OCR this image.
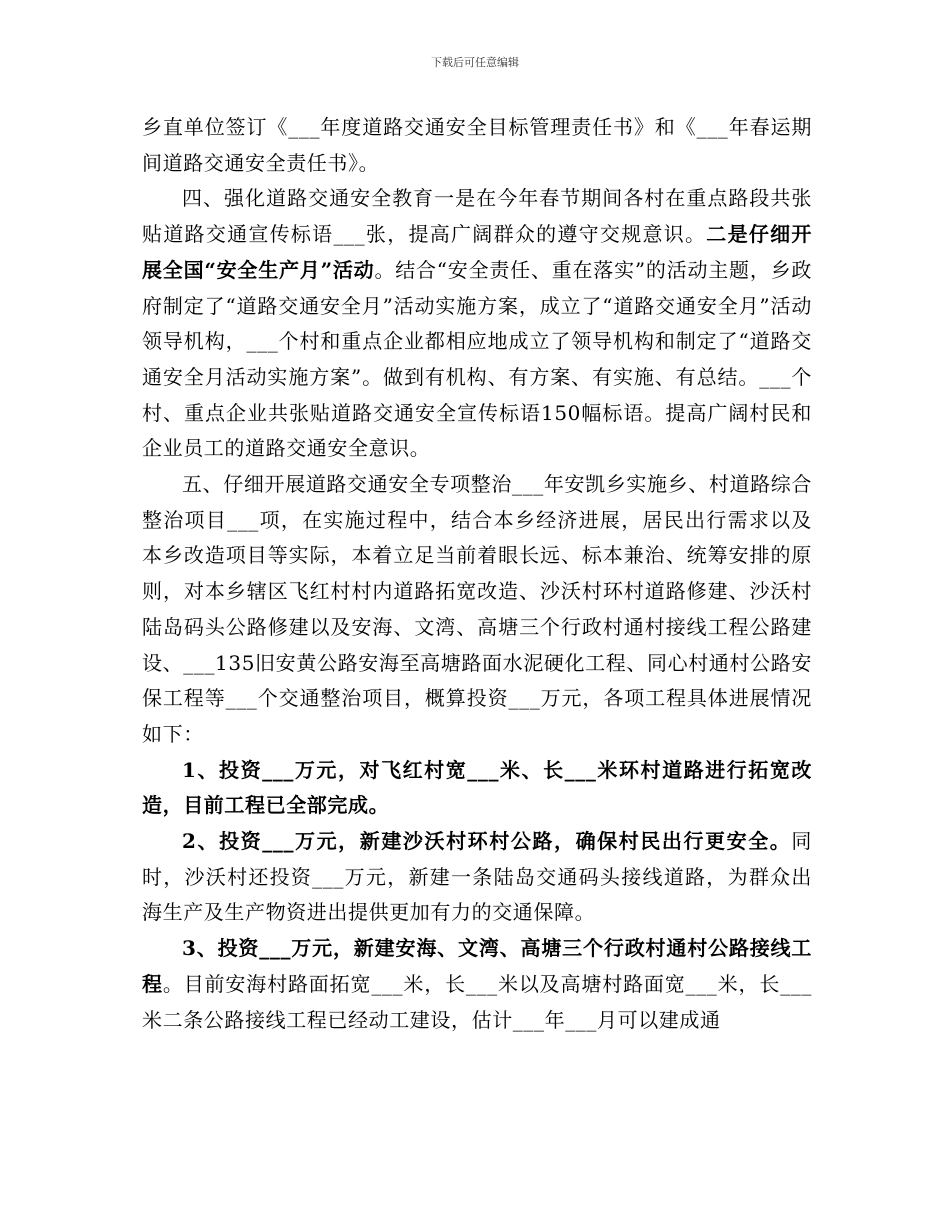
下载后可任意编辑

乡直单位签订《___年度道路交通安全目标管理责任书》和《___年春运期间道路交通安全责任书》。

四、强化道路交通安全教育一是在今年春节期间各村在重点路段共张贴道路交通宣传标语___张，提高广阔群众的遵守交规意识。二是仔细开展全国“安全生产月”活动。结合“安全责任、重在落实”的活动主题，乡政府制定了“道路交通安全月”活动实施方案，成立了“道路交通安全月”活动领导机构，___个村和重点企业都相应地成立了领导机构和制定了“道路交通安全月活动实施方案”。做到有机构、有方案、有实施、有总结。___个村、重点企业共张贴道路交通安全宣传标语150幅标语。提高广阔村民和企业员工的道路交通安全意识。

五、仔细开展道路交通安全专项整治___年安凯乡实施乡、村道路综合整治项目___项，在实施过程中，结合本乡经济进展，居民出行需求以及本乡改造项目等实际，本着立足当前着眼长远、标本兼治、统筹安排的原则，对本乡辖区飞红村村内道路拓宽改造、沙沃村环村道路修建、沙沃村陆岛码头公路修建以及安海、文湾、高塘三个行政村通村接线工程公路建设、___135旧安黄公路安海至高塘路面水泥硬化工程、同心村通村公路安保工程等___个交通整治项目，概算投资___万元，各项工程具体进展情况如下：

1、投资___万元，对飞红村宽___米、长___米环村道路进行拓宽改造，目前工程已全部完成。

2、投资___万元，新建沙沃村环村公路，确保村民出行更安全。同时，沙沃村还投资___万元，新建一条陆岛交通码头接线道路，为群众出海生产及生产物资进出提供更加有力的交通保障。

3、投资___万元，新建安海、文湾、高塘三个行政村通村公路接线工程。目前安海村路面拓宽___米，长___米以及高塘村路面宽___米，长___米二条公路接线工程已经动工建设，估计___年___月可以建成通
